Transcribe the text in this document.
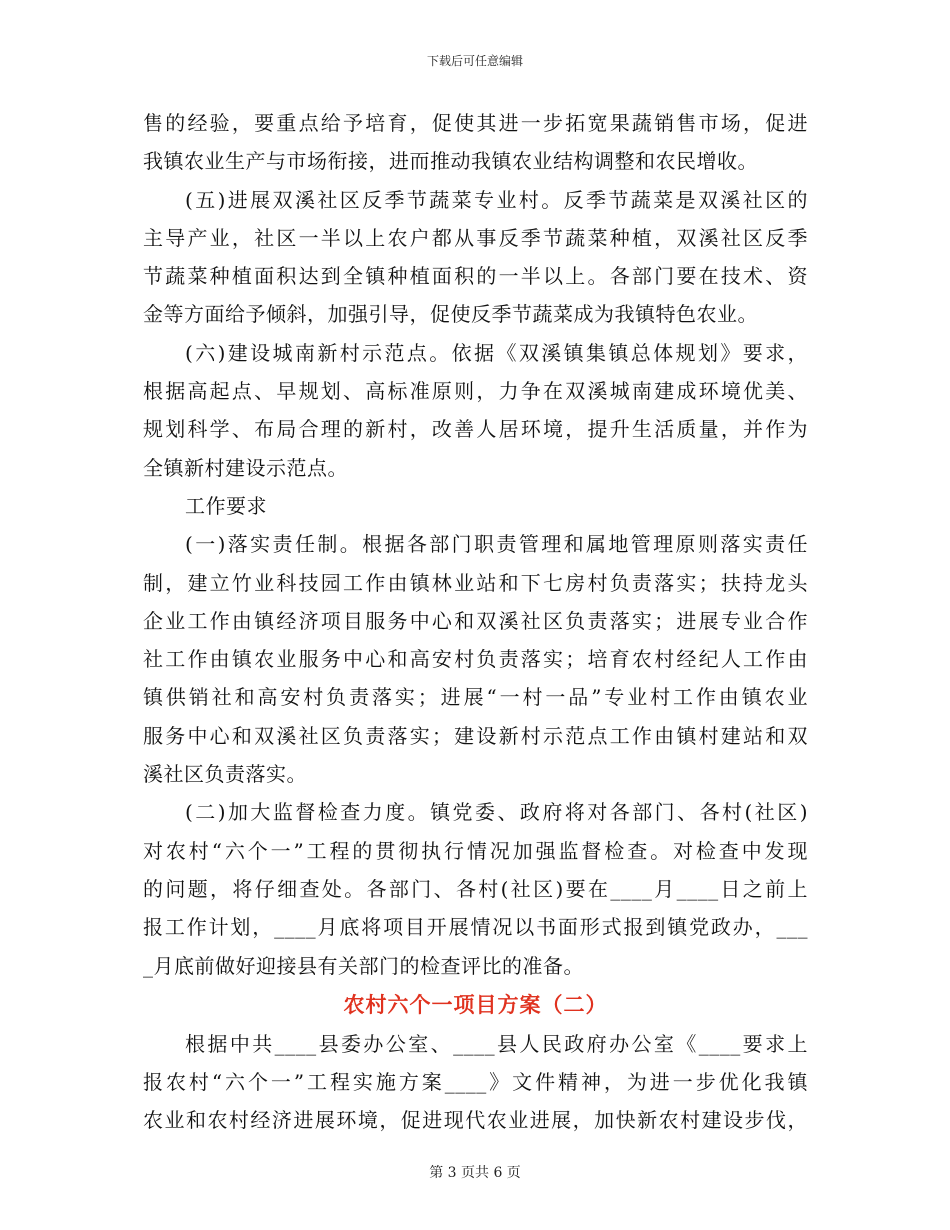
下载后可任意编辑
售的经验，要重点给予培育，促使其进一步拓宽果蔬销售市场，促进
我镇农业生产与市场衔接，进而推动我镇农业结构调整和农民增收。
(五)进展双溪社区反季节蔬菜专业村。反季节蔬菜是双溪社区的
主导产业，社区一半以上农户都从事反季节蔬菜种植，双溪社区反季
节蔬菜种植面积达到全镇种植面积的一半以上。各部门要在技术、资
金等方面给予倾斜，加强引导，促使反季节蔬菜成为我镇特色农业。
(六)建设城南新村示范点。依据《双溪镇集镇总体规划》要求，
根据高起点、早规划、高标准原则，力争在双溪城南建成环境优美、
规划科学、布局合理的新村，改善人居环境，提升生活质量，并作为
全镇新村建设示范点。
工作要求
(一)落实责任制。根据各部门职责管理和属地管理原则落实责任
制，建立竹业科技园工作由镇林业站和下七房村负责落实；扶持龙头
企业工作由镇经济项目服务中心和双溪社区负责落实；进展专业合作
社工作由镇农业服务中心和高安村负责落实；培育农村经纪人工作由
镇供销社和高安村负责落实；进展“一村一品”专业村工作由镇农业
服务中心和双溪社区负责落实；建设新村示范点工作由镇村建站和双
溪社区负责落实。
(二)加大监督检查力度。镇党委、政府将对各部门、各村(社区)
对农村“六个一”工程的贯彻执行情况加强监督检查。对检查中发现
的问题，将仔细查处。各部门、各村(社区)要在____月____日之前上
报工作计划，____月底将项目开展情况以书面形式报到镇党政办，___
_月底前做好迎接县有关部门的检查评比的准备。
农村六个一项目方案（二）
根据中共____县委办公室、____县人民政府办公室《____要求上
报农村“六个一”工程实施方案____》文件精神，为进一步优化我镇
农业和农村经济进展环境，促进现代农业进展，加快新农村建设步伐，
第 3 页共 6 页
